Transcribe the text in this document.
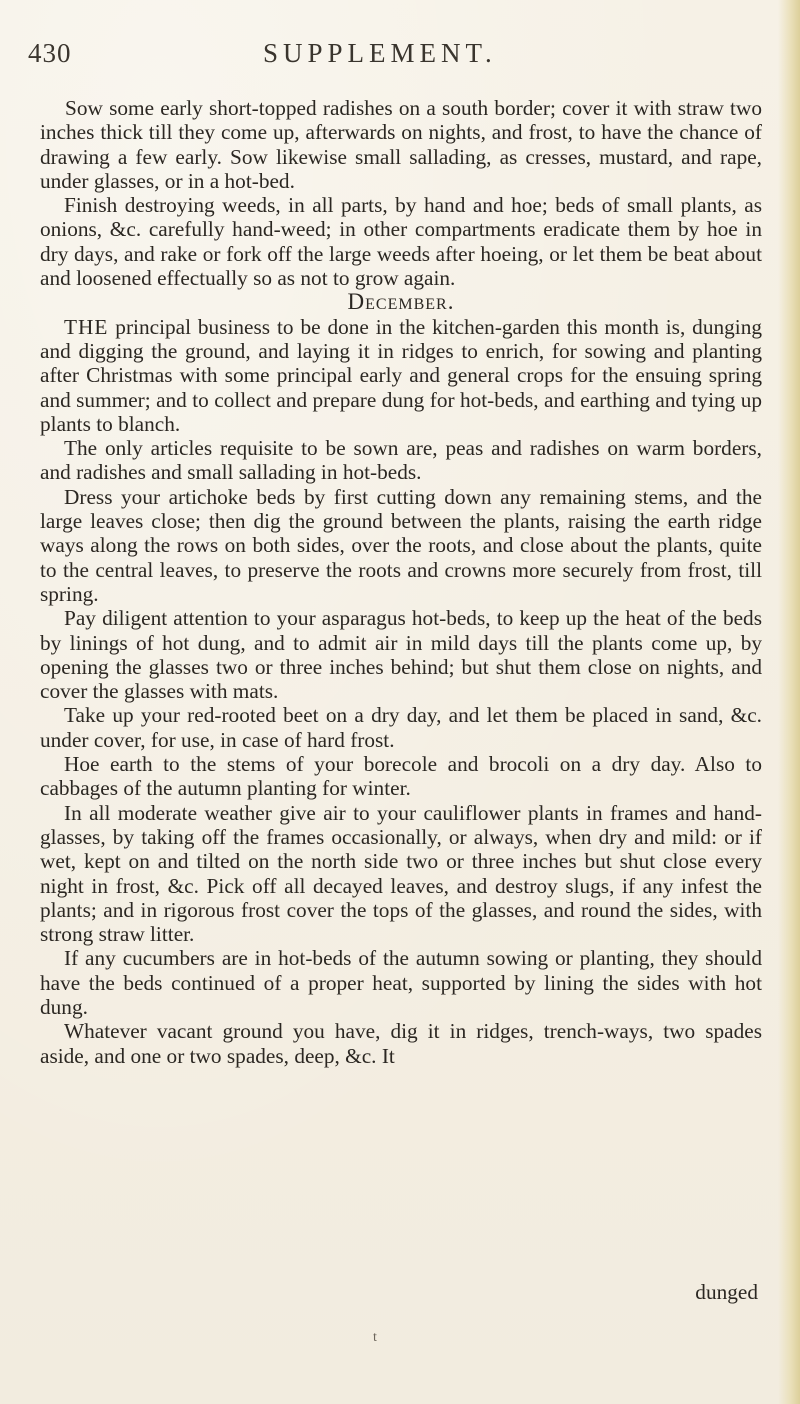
430	SUPPLEMENT.

Sow some early short-topped radishes on a south border; cover it with straw two inches thick till they come up, afterwards on nights, and frost, to have the chance of drawing a few early. Sow likewise small sallading, as cresses, mustard, and rape, under glasses, or in a hot-bed.

Finish destroying weeds, in all parts, by hand and hoe; beds of small plants, as onions, &c. carefully hand-weed; in other compartments eradicate them by hoe in dry days, and rake or fork off the large weeds after hoeing, or let them be beat about and loosened effectually so as not to grow again.

December.

THE principal business to be done in the kitchen-garden this month is, dunging and digging the ground, and laying it in ridges to enrich, for sowing and planting after Christmas with some principal early and general crops for the ensuing spring and summer; and to collect and prepare dung for hot-beds, and earthing and tying up plants to blanch.

The only articles requisite to be sown are, peas and radishes on warm borders, and radishes and small sallading in hot-beds.

Dress your artichoke beds by first cutting down any remaining stems, and the large leaves close; then dig the ground between the plants, raising the earth ridge ways along the rows on both sides, over the roots, and close about the plants, quite to the central leaves, to preserve the roots and crowns more securely from frost, till spring.

Pay diligent attention to your asparagus hot-beds, to keep up the heat of the beds by linings of hot dung, and to admit air in mild days till the plants come up, by opening the glasses two or three inches behind; but shut them close on nights, and cover the glasses with mats.

Take up your red-rooted beet on a dry day, and let them be placed in sand, &c. under cover, for use, in case of hard frost.

Hoe earth to the stems of your borecole and brocoli on a dry day. Also to cabbages of the autumn planting for winter.

In all moderate weather give air to your cauliflower plants in frames and hand-glasses, by taking off the frames occasionally, or always, when dry and mild: or if wet, kept on and tilted on the north side two or three inches but shut close every night in frost, &c. Pick off all decayed leaves, and destroy slugs, if any infest the plants; and in rigorous frost cover the tops of the glasses, and round the sides, with strong straw litter.

If any cucumbers are in hot-beds of the autumn sowing or planting, they should have the beds continued of a proper heat, supported by lining the sides with hot dung.

Whatever vacant ground you have, dig it in ridges, trench-ways, two spades aside, and one or two spades, deep, &c. It

dunged
t
